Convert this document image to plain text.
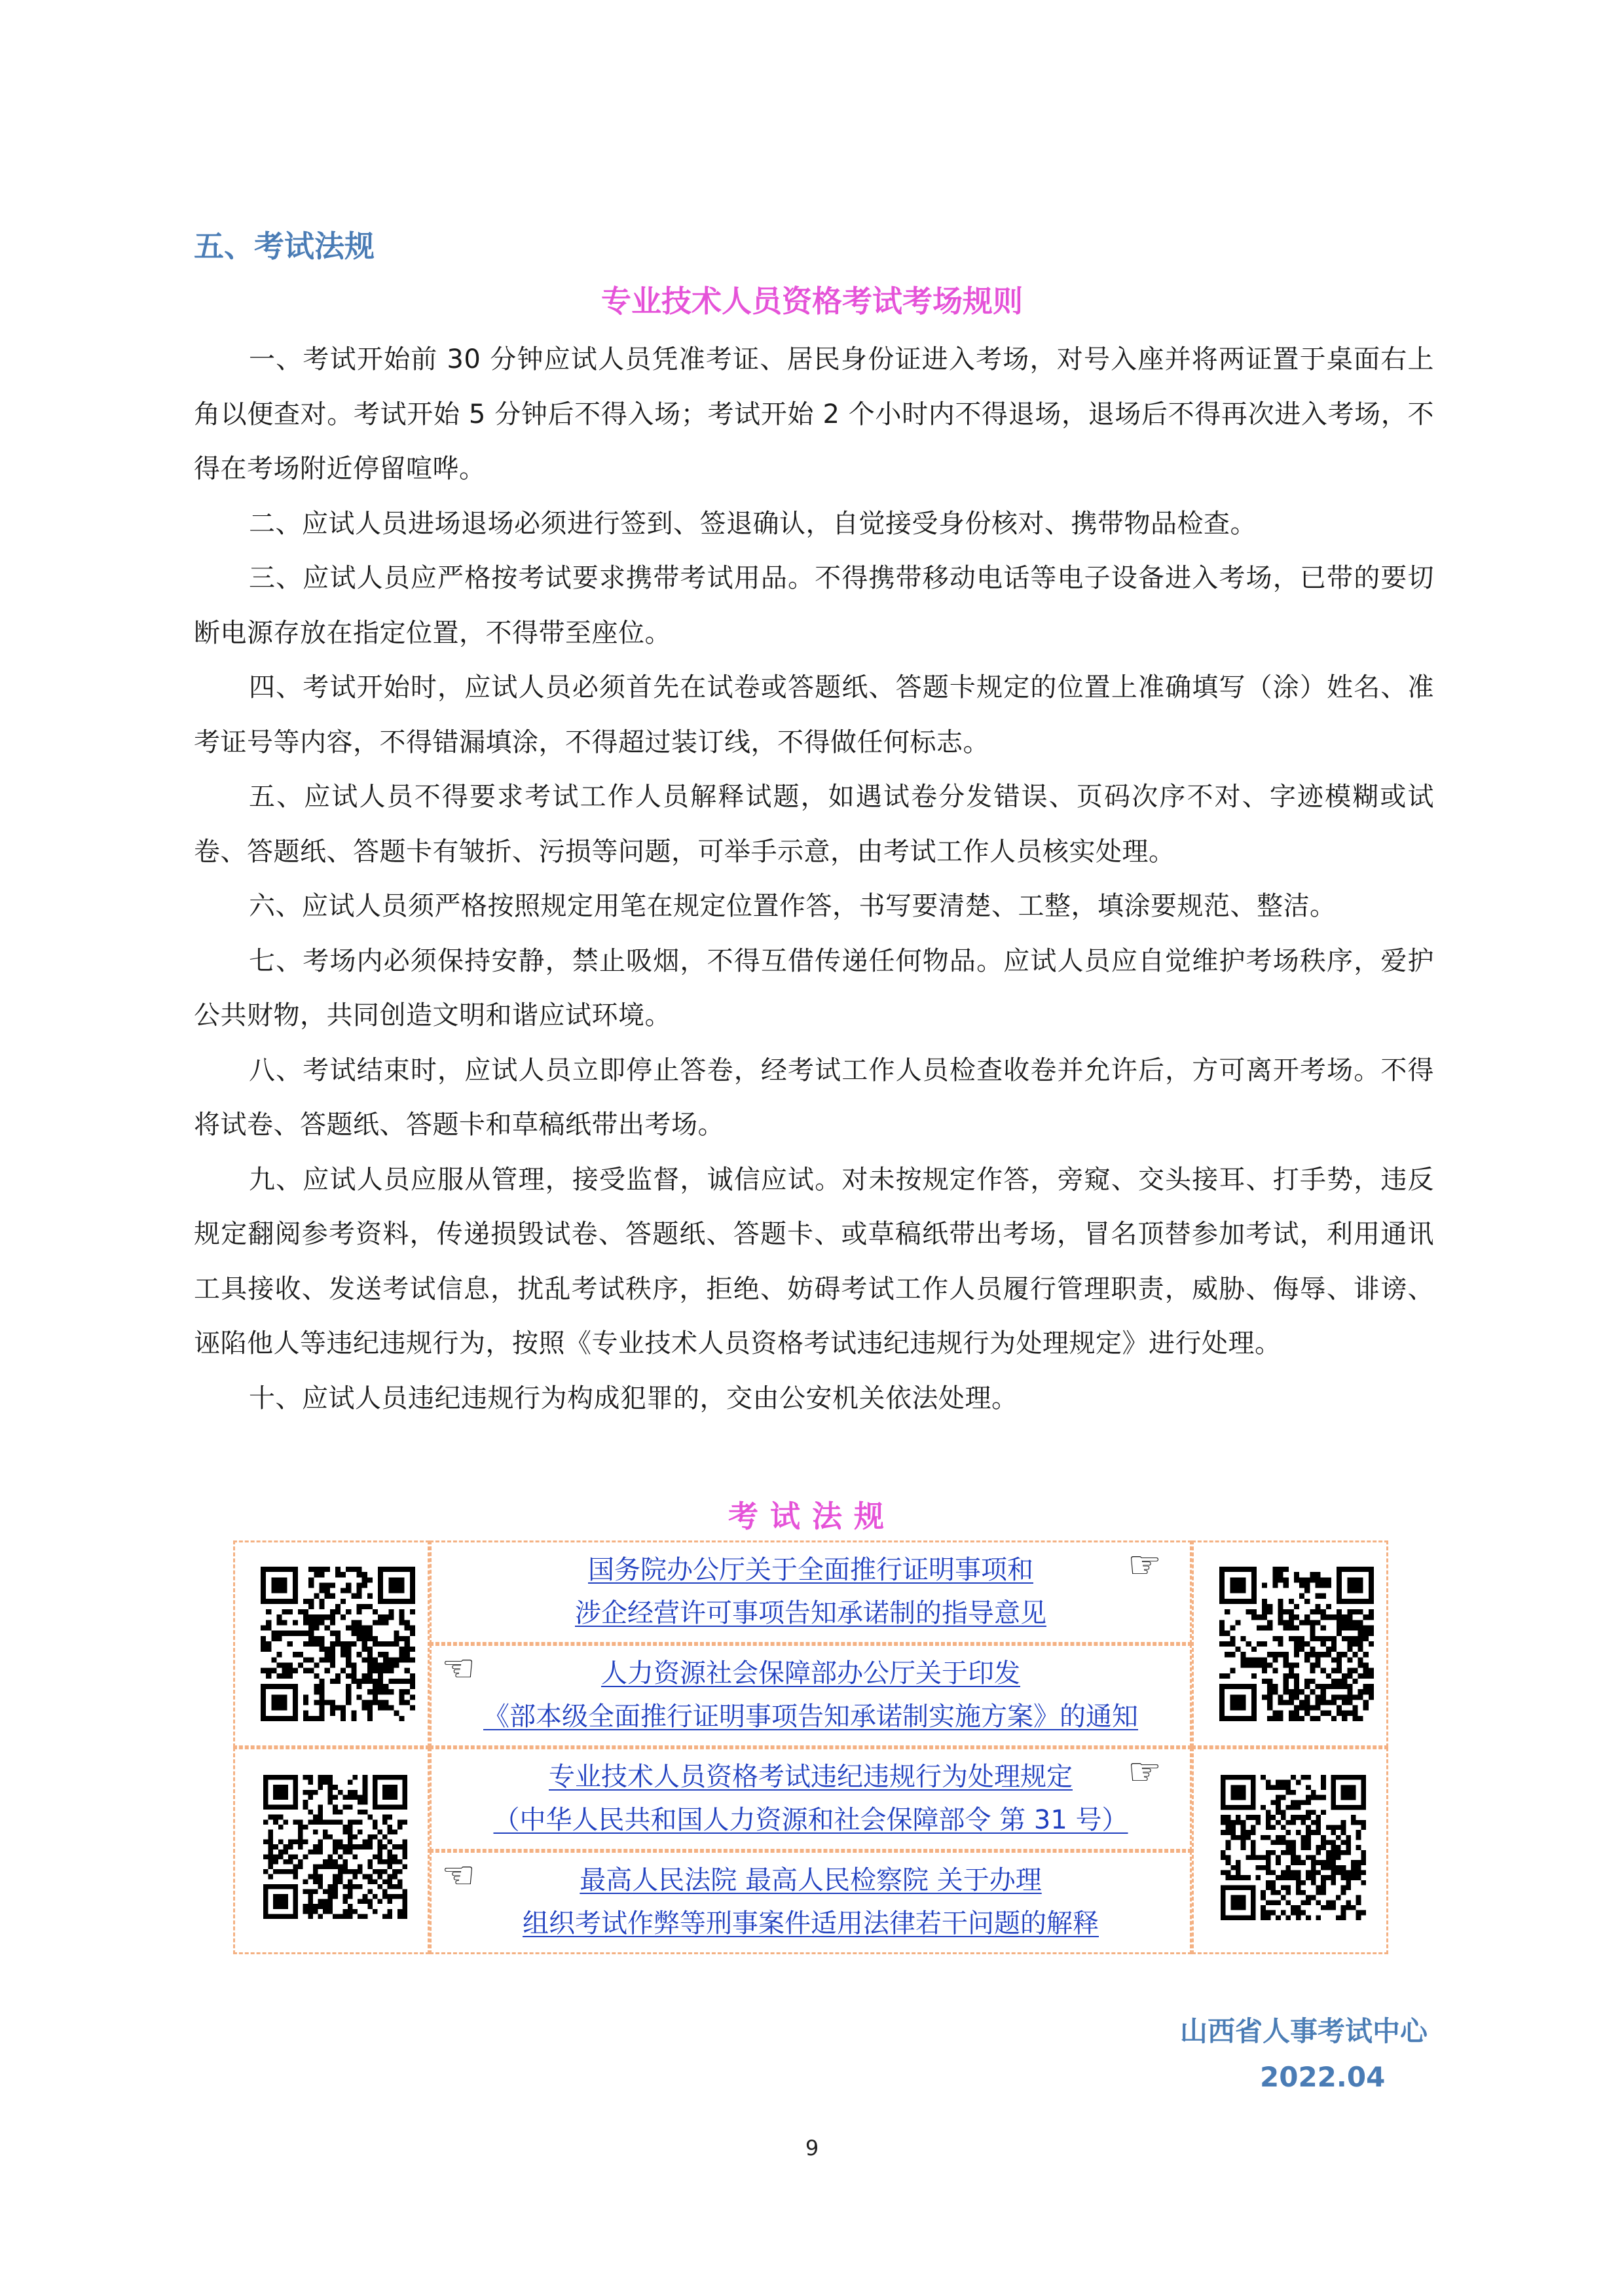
五、考试法规
专业技术人员资格考试考场规则

一、考试开始前 30 分钟应试人员凭准考证、居民身份证进入考场，对号入座并将两证置于桌面右上角以便查对。考试开始 5 分钟后不得入场；考试开始 2 个小时内不得退场，退场后不得再次进入考场，不得在考场附近停留喧哗。

二、应试人员进场退场必须进行签到、签退确认，自觉接受身份核对、携带物品检查。

三、应试人员应严格按考试要求携带考试用品。不得携带移动电话等电子设备进入考场，已带的要切断电源存放在指定位置，不得带至座位。

四、考试开始时，应试人员必须首先在试卷或答题纸、答题卡规定的位置上准确填写（涂）姓名、准考证号等内容，不得错漏填涂，不得超过装订线，不得做任何标志。

五、应试人员不得要求考试工作人员解释试题，如遇试卷分发错误、页码次序不对、字迹模糊或试卷、答题纸、答题卡有皱折、污损等问题，可举手示意，由考试工作人员核实处理。

六、应试人员须严格按照规定用笔在规定位置作答，书写要清楚、工整，填涂要规范、整洁。

七、考场内必须保持安静，禁止吸烟，不得互借传递任何物品。应试人员应自觉维护考场秩序，爱护公共财物，共同创造文明和谐应试环境。

八、考试结束时，应试人员立即停止答卷，经考试工作人员检查收卷并允许后，方可离开考场。不得将试卷、答题纸、答题卡和草稿纸带出考场。

九、应试人员应服从管理，接受监督，诚信应试。对未按规定作答，旁窥、交头接耳、打手势，违反规定翻阅参考资料，传递损毁试卷、答题纸、答题卡、或草稿纸带出考场，冒名顶替参加考试，利用通讯工具接收、发送考试信息，扰乱考试秩序，拒绝、妨碍考试工作人员履行管理职责，威胁、侮辱、诽谤、诬陷他人等违纪违规行为，按照《专业技术人员资格考试违纪违规行为处理规定》进行处理。

十、应试人员违纪违规行为构成犯罪的，交由公安机关依法处理。

考试法规
国务院办公厅关于全面推行证明事项和
涉企经营许可事项告知承诺制的指导意见
人力资源社会保障部办公厅关于印发
《部本级全面推行证明事项告知承诺制实施方案》的通知
专业技术人员资格考试违纪违规行为处理规定
（中华人民共和国人力资源和社会保障部令 第 31 号）
最高人民法院 最高人民检察院 关于办理
组织考试作弊等刑事案件适用法律若干问题的解释
☞
☜
☞
☜
山西省人事考试中心
2022.04
9
